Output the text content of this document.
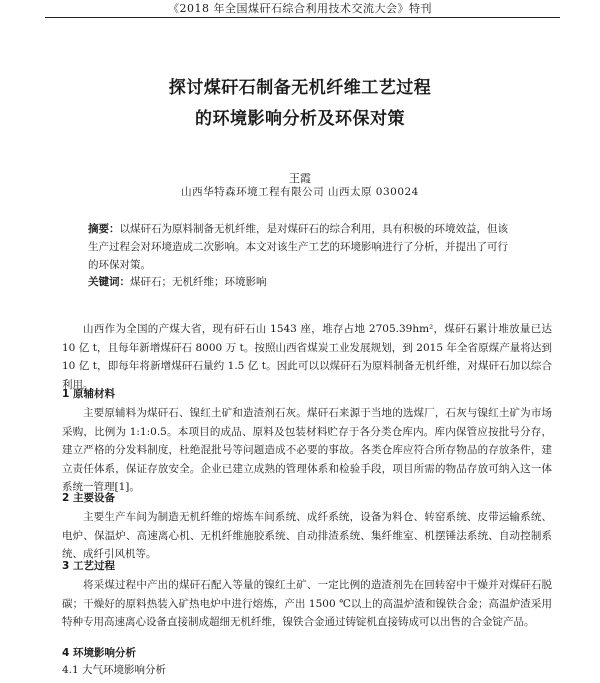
《2018 年全国煤矸石综合利用技术交流大会》特刊
探讨煤矸石制备无机纤维工艺过程
的环境影响分析及环保对策
王霞
山西华特森环境工程有限公司 山西太原 030024
摘要：以煤矸石为原料制备无机纤维，是对煤矸石的综合利用，具有积极的环境效益，但该生产过程会对环境造成二次影响。本文对该生产工艺的环境影响进行了分析，并提出了可行的环保对策。
关键词：煤矸石；无机纤维；环境影响

山西作为全国的产煤大省，现有矸石山 1543 座，堆存占地 2705.39hm²，煤矸石累计堆放量已达 10 亿 t，且每年新增煤矸石 8000 万 t。按照山西省煤炭工业发展规划，到 2015 年全省原煤产量将达到 10 亿 t，即每年将新增煤矸石量约 1.5 亿 t。因此可以以煤矸石为原料制备无机纤维，对煤矸石加以综合利用。

1 原辅材料

主要原辅料为煤矸石、镍红土矿和造渣剂石灰。煤矸石来源于当地的选煤厂，石灰与镍红土矿为市场采购，比例为 1:1:0.5。本项目的成品、原料及包装材料贮存于各分类仓库内。库内保管应按批号分存，建立严格的分发料制度，杜绝混批号等问题造成不必要的事故。各类仓库应符合所存物品的存放条件，建立责任体系，保证存放安全。企业已建立成熟的管理体系和检验手段，项目所需的物品存放可纳入这一体系统一管理[1]。

2 主要设备

主要生产车间为制造无机纤维的熔炼车间系统、成纤系统，设备为料仓、转窑系统、皮带运输系统、电炉、保温炉、高速离心机、无机纤维施胶系统、自动排渣系统、集纤维室、机摆锤法系统、自动控制系统、成纤引风机等。

3 工艺过程

将采煤过程中产出的煤矸石配入等量的镍红土矿、一定比例的造渣剂先在回转窑中干燥并对煤矸石脱碳；干燥好的原料热装入矿热电炉中进行熔炼，产出 1500 ℃以上的高温炉渣和镍铁合金；高温炉渣采用特种专用高速离心设备直接制成超细无机纤维，镍铁合金通过铸锭机直接铸成可以出售的合金锭产品。

4 环境影响分析
4.1 大气环境影响分析
